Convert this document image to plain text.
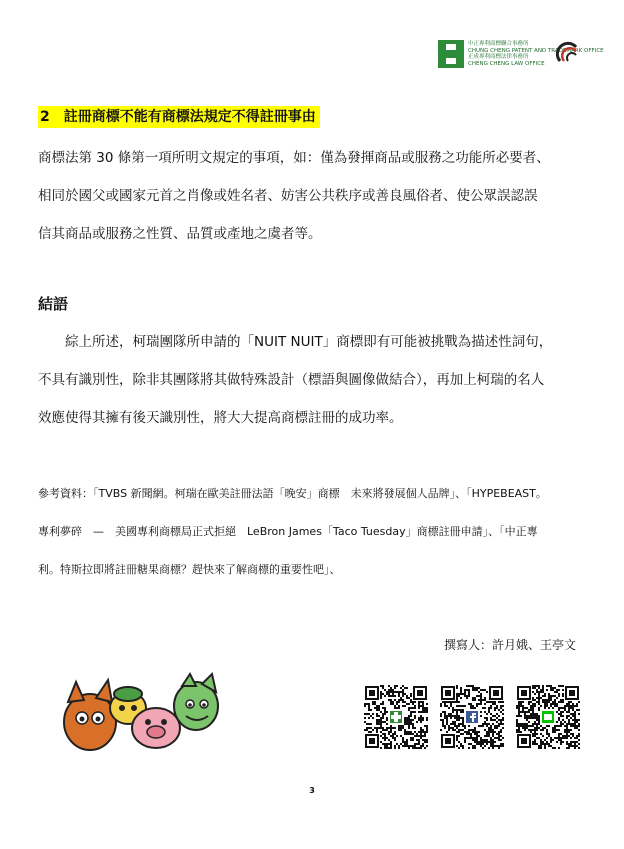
中正專利商標聯合事務所
CHUNG CHENG PATENT AND TRADEMARK OFFICE
正成專利商標法律事務所
CHENG CHENG LAW OFFICE
2　註冊商標不能有商標法規定不得註冊事由
商標法第 30 條第一項所明文規定的事項，如：僅為發揮商品或服務之功能所必要者、
相同於國父或國家元首之肖像或姓名者、妨害公共秩序或善良風俗者、使公眾誤認誤
信其商品或服務之性質、品質或產地之虞者等。
結語
　　綜上所述，柯瑞團隊所申請的「NUIT NUIT」商標即有可能被挑戰為描述性詞句，
不具有識別性，除非其團隊將其做特殊設計（標語與圖像做結合），再加上柯瑞的名人
效應使得其擁有後天識別性，將大大提高商標註冊的成功率。
參考資料：「TVBS 新聞網。柯瑞在歐美註冊法語「晚安」商標　未來將發展個人品牌」、「HYPEBEAST。
專利夢碎　—　美國專利商標局正式拒絕　LeBron James「Taco Tuesday」商標註冊申請」、「中正專
利。特斯拉即將註冊糖果商標？趕快來了解商標的重要性吧」、
撰寫人：許月娥、王亭文
3
